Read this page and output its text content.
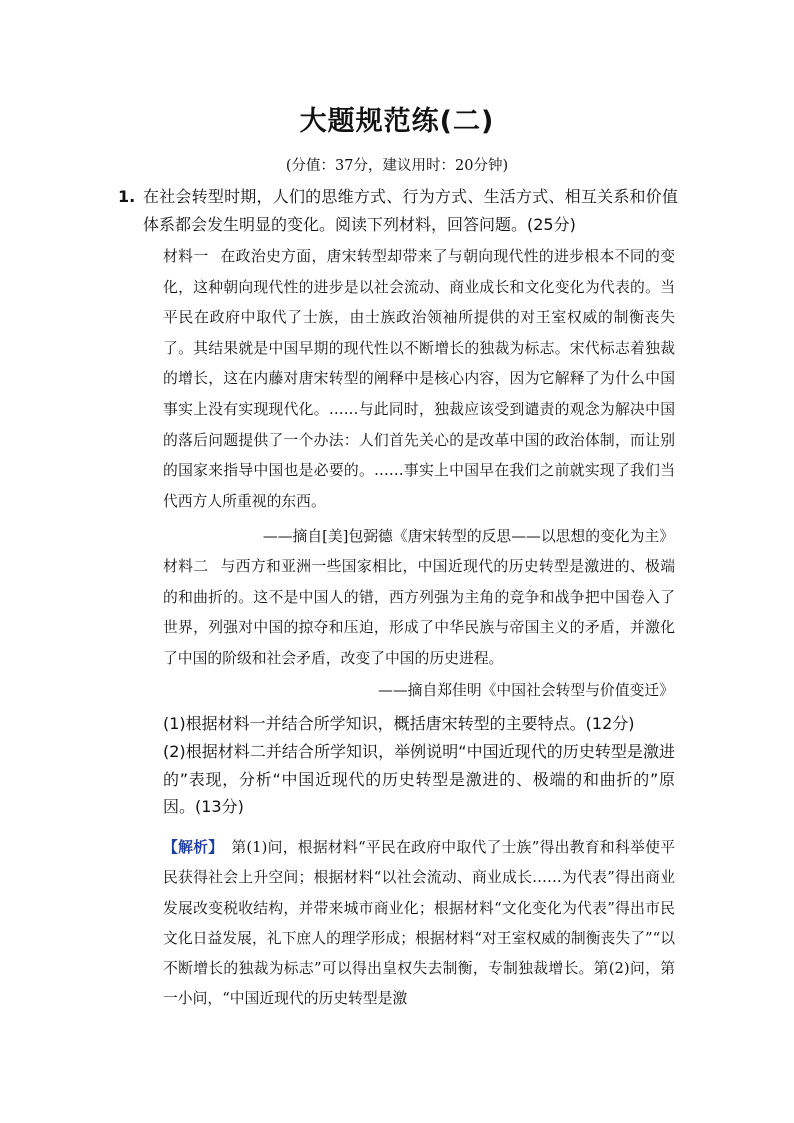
大题规范练(二)
(分值：37分，建议用时：20分钟)
1. 在社会转型时期，人们的思维方式、行为方式、生活方式、相互关系和价值体系都会发生明显的变化。阅读下列材料，回答问题。(25分)
材料一 在政治史方面，唐宋转型却带来了与朝向现代性的进步根本不同的变化，这种朝向现代性的进步是以社会流动、商业成长和文化变化为代表的。当平民在政府中取代了士族，由士族政治领袖所提供的对王室权威的制衡丧失了。其结果就是中国早期的现代性以不断增长的独裁为标志。宋代标志着独裁的增长，这在内藤对唐宋转型的阐释中是核心内容，因为它解释了为什么中国事实上没有实现现代化。……与此同时，独裁应该受到谴责的观念为解决中国的落后问题提供了一个办法：人们首先关心的是改革中国的政治体制，而让别的国家来指导中国也是必要的。……事实上中国早在我们之前就实现了我们当代西方人所重视的东西。
——摘自[美]包弼德《唐宋转型的反思——以思想的变化为主》
材料二 与西方和亚洲一些国家相比，中国近现代的历史转型是激进的、极端的和曲折的。这不是中国人的错，西方列强为主角的竞争和战争把中国卷入了世界，列强对中国的掠夺和压迫，形成了中华民族与帝国主义的矛盾，并激化了中国的阶级和社会矛盾，改变了中国的历史进程。
——摘自郑佳明《中国社会转型与价值变迁》
(1)根据材料一并结合所学知识，概括唐宋转型的主要特点。(12分)
(2)根据材料二并结合所学知识，举例说明“中国近现代的历史转型是激进的”表现，分析“中国近现代的历史转型是激进的、极端的和曲折的”原因。(13分)
【解析】 第(1)问，根据材料“平民在政府中取代了士族”得出教育和科举使平民获得社会上升空间；根据材料“以社会流动、商业成长……为代表”得出商业发展改变税收结构，并带来城市商业化；根据材料“文化变化为代表”得出市民文化日益发展，礼下庶人的理学形成；根据材料“对王室权威的制衡丧失了”“以不断增长的独裁为标志”可以得出皇权失去制衡，专制独裁增长。第(2)问，第一小问，“中国近现代的历史转型是激
